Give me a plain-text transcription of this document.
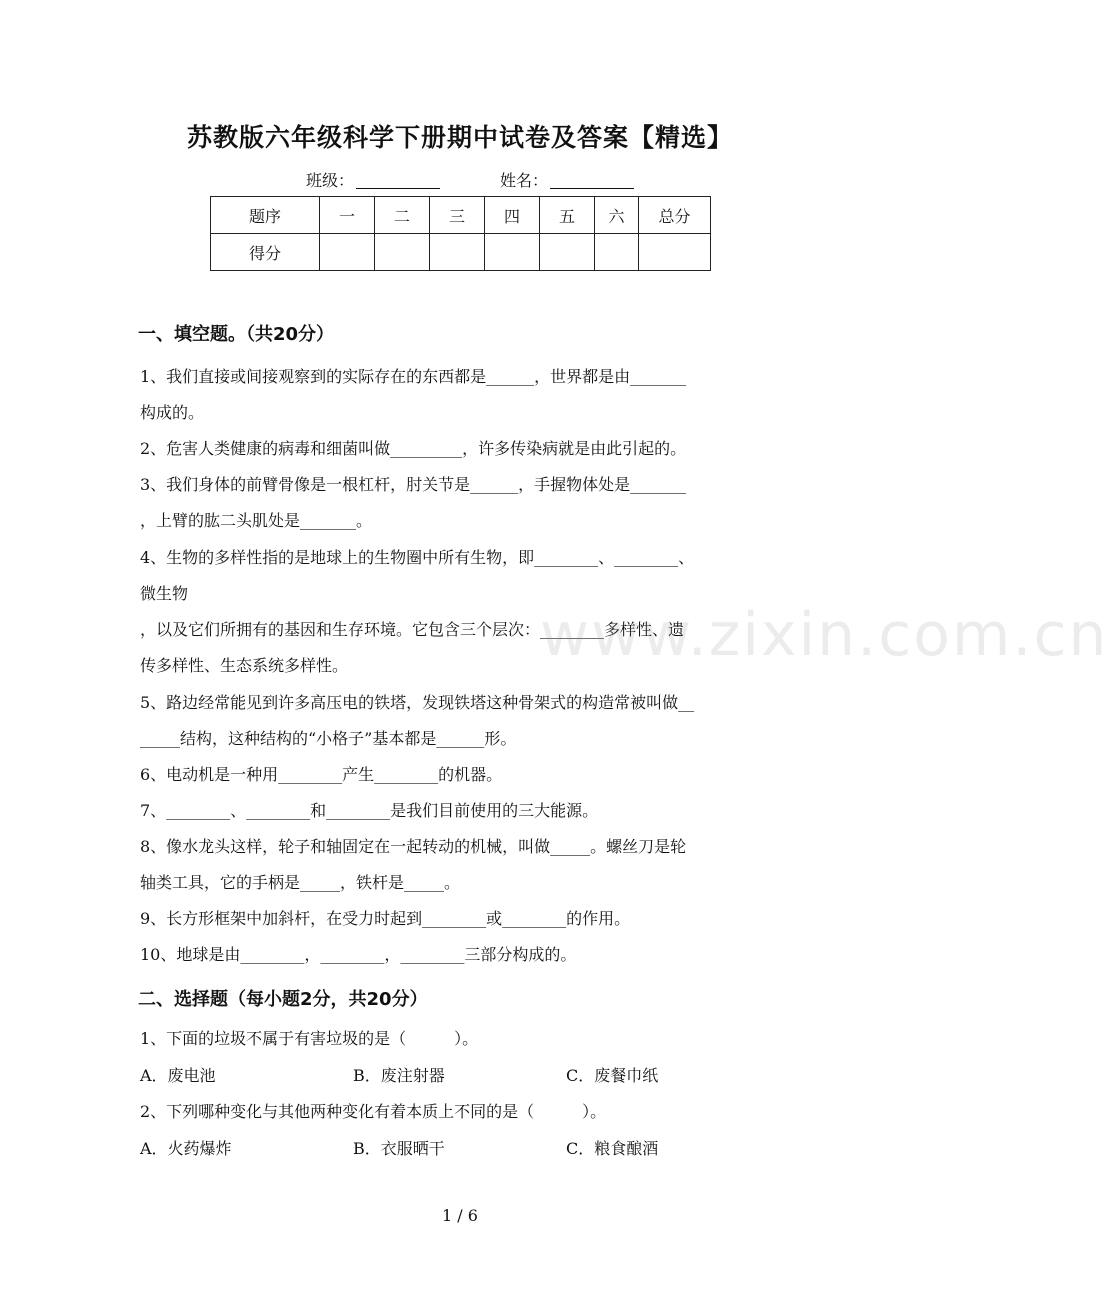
苏教版六年级科学下册期中试卷及答案【精选】
班级：	姓名：
题序	一	二	三	四	五	六	总分
得分							
一、填空题。（共20分）
1、我们直接或间接观察到的实际存在的东西都是______，世界都是由_______
构成的。
2、危害人类健康的病毒和细菌叫做_________，许多传染病就是由此引起的。
3、我们身体的前臂骨像是一根杠杆，肘关节是______，手握物体处是_______
，上臂的肱二头肌处是_______。
4、生物的多样性指的是地球上的生物圈中所有生物，即________、________、
微生物
，以及它们所拥有的基因和生存环境。它包含三个层次：________多样性、遗
传多样性、生态系统多样性。
5、路边经常能见到许多高压电的铁塔，发现铁塔这种骨架式的构造常被叫做__
_____结构，这种结构的“小格子”基本都是______形。
6、电动机是一种用________产生________的机器。
7、________、________和________是我们目前使用的三大能源。
8、像水龙头这样，轮子和轴固定在一起转动的机械，叫做_____。螺丝刀是轮
轴类工具，它的手柄是_____，铁杆是_____。
9、长方形框架中加斜杆，在受力时起到________或________的作用。
10、地球是由________，________，________三部分构成的。
二、选择题（每小题2分，共20分）
1、下面的垃圾不属于有害垃圾的是（　　　）。
A．废电池	B．废注射器	C．废餐巾纸
2、下列哪种变化与其他两种变化有着本质上不同的是（　　　）。
A．火药爆炸	B．衣服晒干	C．粮食酿酒
www.zixin.com.cn
1 / 6
